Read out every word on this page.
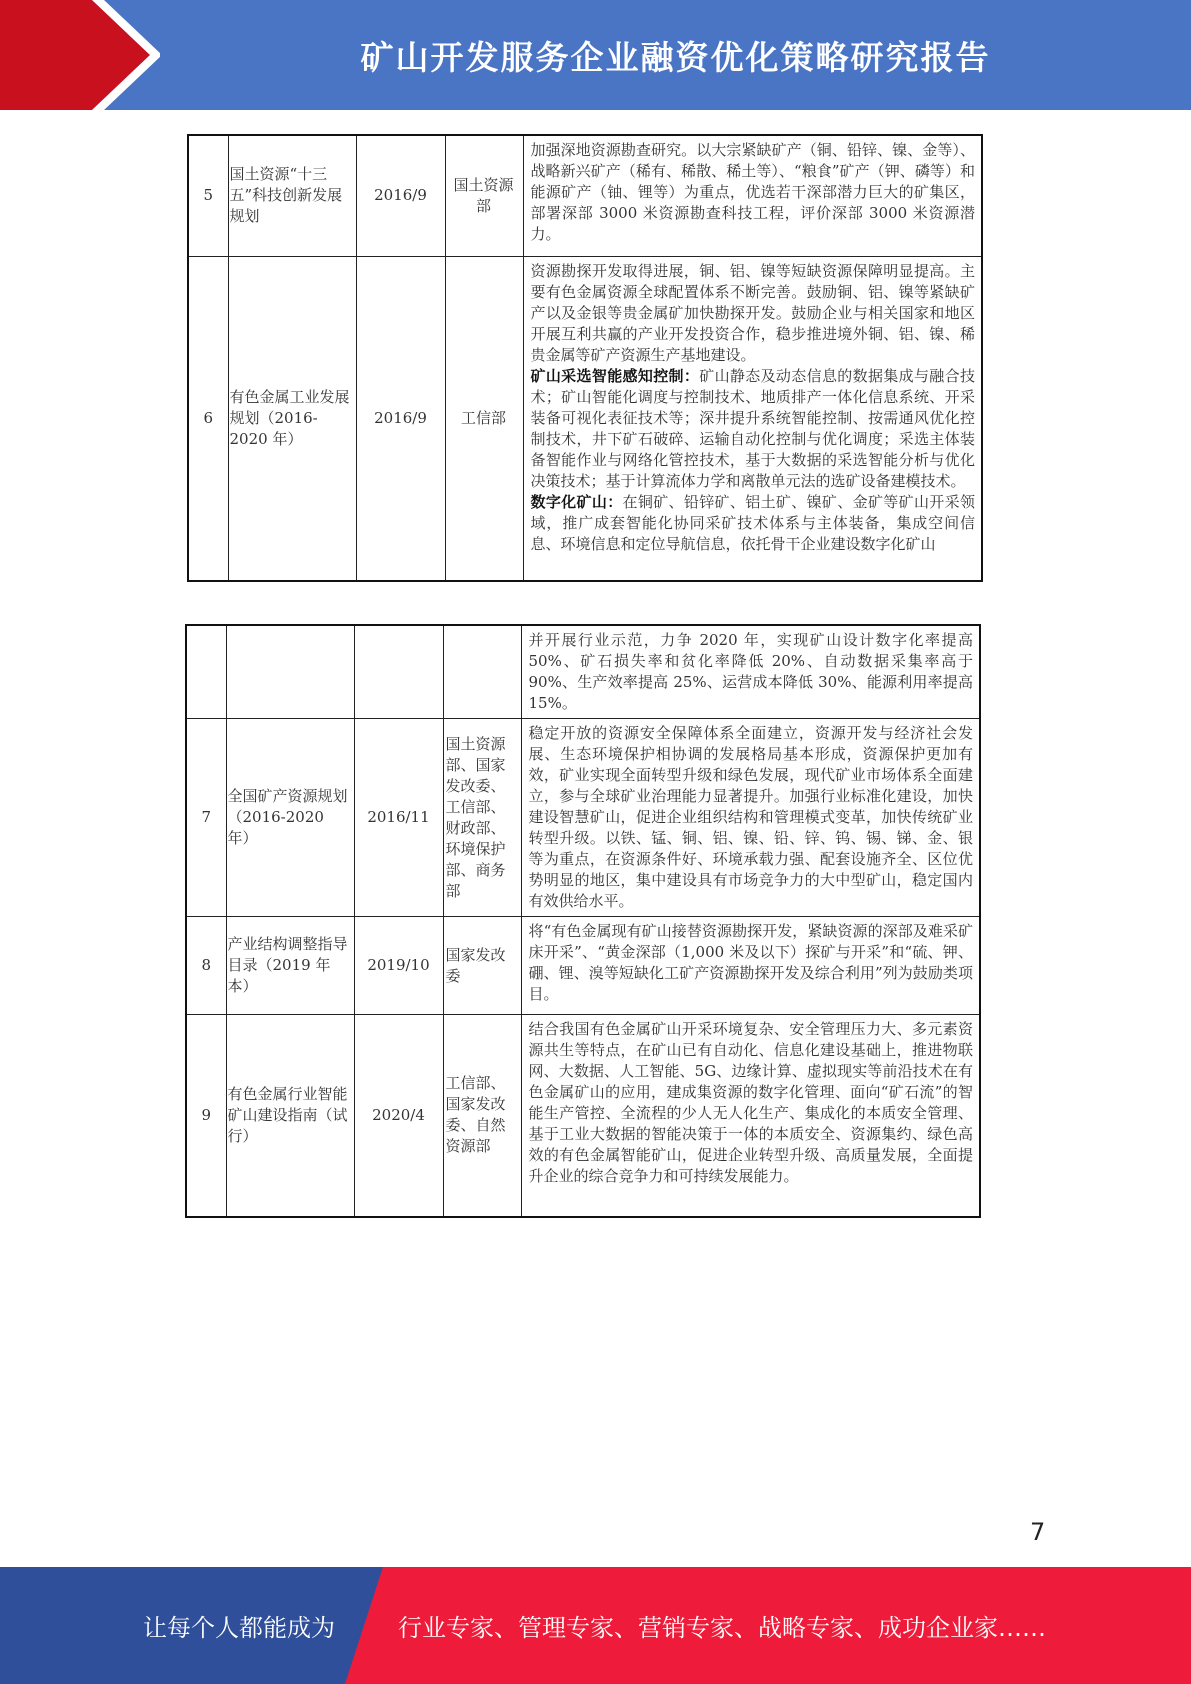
矿山开发服务企业融资优化策略研究报告
5	国土资源“十三五”科技创新发展规划	2016/9	国土资源部	加强深地资源勘查研究。以大宗紧缺矿产（铜、铅锌、镍、金等）、战略新兴矿产（稀有、稀散、稀土等）、“粮食”矿产（钾、磷等）和能源矿产（铀、锂等）为重点，优选若干深部潜力巨大的矿集区，部署深部 3000 米资源勘查科技工程，评价深部 3000 米资源潜力。

6	有色金属工业发展规划（2016-2020 年）	2016/9	工信部	资源勘探开发取得进展，铜、铝、镍等短缺资源保障明显提高。主要有色金属资源全球配置体系不断完善。鼓励铜、铝、镍等紧缺矿产以及金银等贵金属矿加快勘探开发。鼓励企业与相关国家和地区开展互利共赢的产业开发投资合作，稳步推进境外铜、铝、镍、稀贵金属等矿产资源生产基地建设。

矿山采选智能感知控制：矿山静态及动态信息的数据集成与融合技术；矿山智能化调度与控制技术、地质排产一体化信息系统、开采装备可视化表征技术等；深井提升系统智能控制、按需通风优化控制技术，井下矿石破碎、运输自动化控制与优化调度；采选主体装备智能作业与网络化管控技术，基于大数据的采选智能分析与优化决策技术；基于计算流体力学和离散单元法的选矿设备建模技术。

数字化矿山：在铜矿、铅锌矿、铝土矿、镍矿、金矿等矿山开采领域，推广成套智能化协同采矿技术体系与主体装备，集成空间信息、环境信息和定位导航信息，依托骨干企业建设数字化矿山

				并开展行业示范，力争 2020 年，实现矿山设计数字化率提高 50%、矿石损失率和贫化率降低 20%、自动数据采集率高于 90%、生产效率提高 25%、运营成本降低 30%、能源利用率提高 15%。
7	全国矿产资源规划（2016-2020 年）	2016/11	国土资源部、国家发改委、工信部、财政部、环境保护部、商务部	稳定开放的资源安全保障体系全面建立，资源开发与经济社会发展、生态环境保护相协调的发展格局基本形成，资源保护更加有效，矿业实现全面转型升级和绿色发展，现代矿业市场体系全面建立，参与全球矿业治理能力显著提升。加强行业标准化建设，加快建设智慧矿山，促进企业组织结构和管理模式变革，加快传统矿业转型升级。以铁、锰、铜、铝、镍、铅、锌、钨、锡、锑、金、银等为重点，在资源条件好、环境承载力强、配套设施齐全、区位优势明显的地区，集中建设具有市场竞争力的大中型矿山，稳定国内有效供给水平。
8	产业结构调整指导目录（2019 年本）	2019/10	国家发改委	将“有色金属现有矿山接替资源勘探开发，紧缺资源的深部及难采矿床开采”、“黄金深部（1,000 米及以下）探矿与开采”和“硫、钾、硼、锂、溴等短缺化工矿产资源勘探开发及综合利用”列为鼓励类项目。
9	有色金属行业智能矿山建设指南（试行）	2020/4	工信部、国家发改委、自然资源部	结合我国有色金属矿山开采环境复杂、安全管理压力大、多元素资源共生等特点，在矿山已有自动化、信息化建设基础上，推进物联网、大数据、人工智能、5G、边缘计算、虚拟现实等前沿技术在有色金属矿山的应用，建成集资源的数字化管理、面向“矿石流”的智能生产管控、全流程的少人无人化生产、集成化的本质安全管理、基于工业大数据的智能决策于一体的本质安全、资源集约、绿色高效的有色金属智能矿山，促进企业转型升级、高质量发展，全面提升企业的综合竞争力和可持续发展能力。
7
让每个人都能成为	行业专家、管理专家、营销专家、战略专家、成功企业家……
